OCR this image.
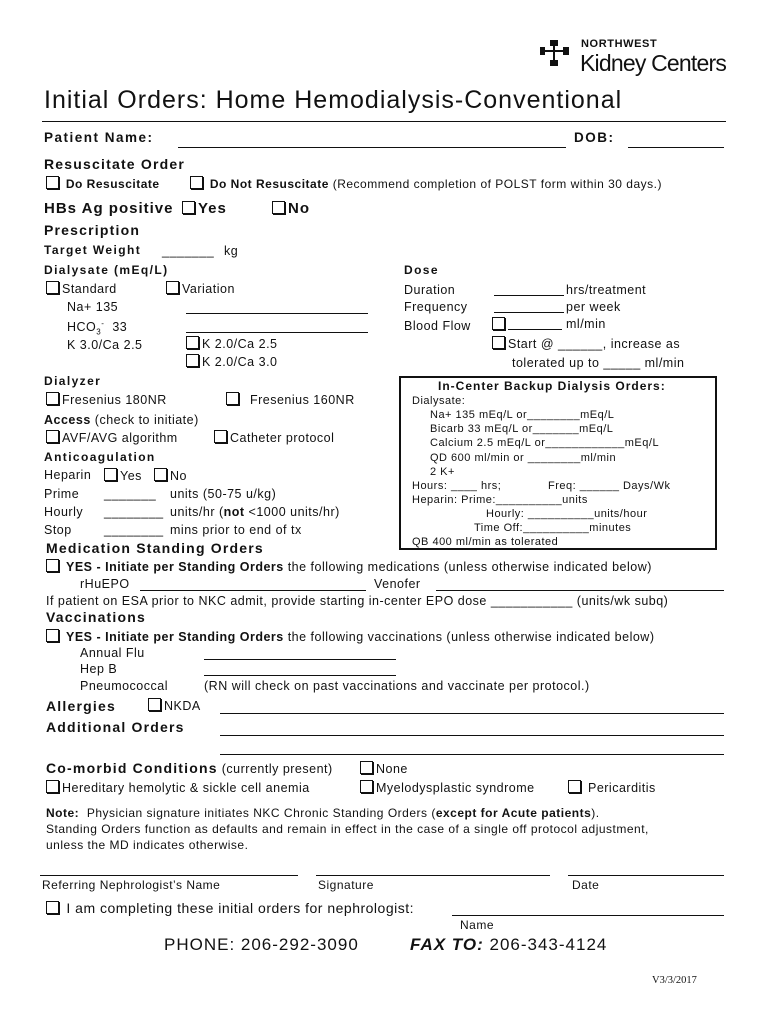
NORTHWEST
Kidney Centers
Initial Orders: Home Hemodialysis-Conventional
Patient Name:	DOB:
Resuscitate Order
Do Resuscitate	Do Not Resuscitate (Recommend completion of POLST form within 30 days.)
HBs Ag positive	Yes	No
Prescription
Target Weight _______ kg
Dialysate (mEq/L)
Standard	Variation
Na+ 135
$HCO_3^-$ 33
K 3.0/Ca 2.5	K 2.0/Ca 2.5
K 2.0/Ca 3.0
Dose
Duration	hrs/treatment
Frequency	per week
Blood Flow	ml/min
Start @ ______, increase as
tolerated up to _____ ml/min
Dialyzer
Fresenius 180NR	Fresenius 160NR
Access (check to initiate)
AVF/AVG algorithm	Catheter protocol
Anticoagulation
Heparin	Yes	No
Prime _______ units (50-75 u/kg)
Hourly ________ units/hr (not <1000 units/hr)
Stop	________ mins prior to end of tx
In-Center Backup Dialysis Orders:
Dialysate:
Na+ 135 mEq/L or________mEq/L
Bicarb 33 mEq/L or_______mEq/L
Calcium 2.5 mEq/L or____________mEq/L
QD 600 ml/min or ________ml/min
2 K+
Hours: ____ hrs;	Freq: ______ Days/Wk
Heparin: Prime:__________units
Hourly: __________units/hour
Time Off:__________minutes
QB 400 ml/min as tolerated
Medication Standing Orders
YES - Initiate per Standing Orders the following medications (unless otherwise indicated below)
rHuEPO	Venofer
If patient on ESA prior to NKC admit, provide starting in-center EPO dose ___________ (units/wk subq)
Vaccinations
YES - Initiate per Standing Orders the following vaccinations (unless otherwise indicated below)
Annual Flu
Hep B
Pneumococcal	(RN will check on past vaccinations and vaccinate per protocol.)
Allergies	NKDA
Additional Orders
Co-morbid Conditions (currently present)	None
Hereditary hemolytic & sickle cell anemia	Myelodysplastic syndrome	Pericarditis
Note: Physician signature initiates NKC Chronic Standing Orders (except for Acute patients).
Standing Orders function as defaults and remain in effect in the case of a single off protocol adjustment,
unless the MD indicates otherwise.
Referring Nephrologist’s Name	Signature	Date
I am completing these initial orders for nephrologist:
Name
PHONE: 206-292-3090	FAX TO: 206-343-4124
V3/3/2017
